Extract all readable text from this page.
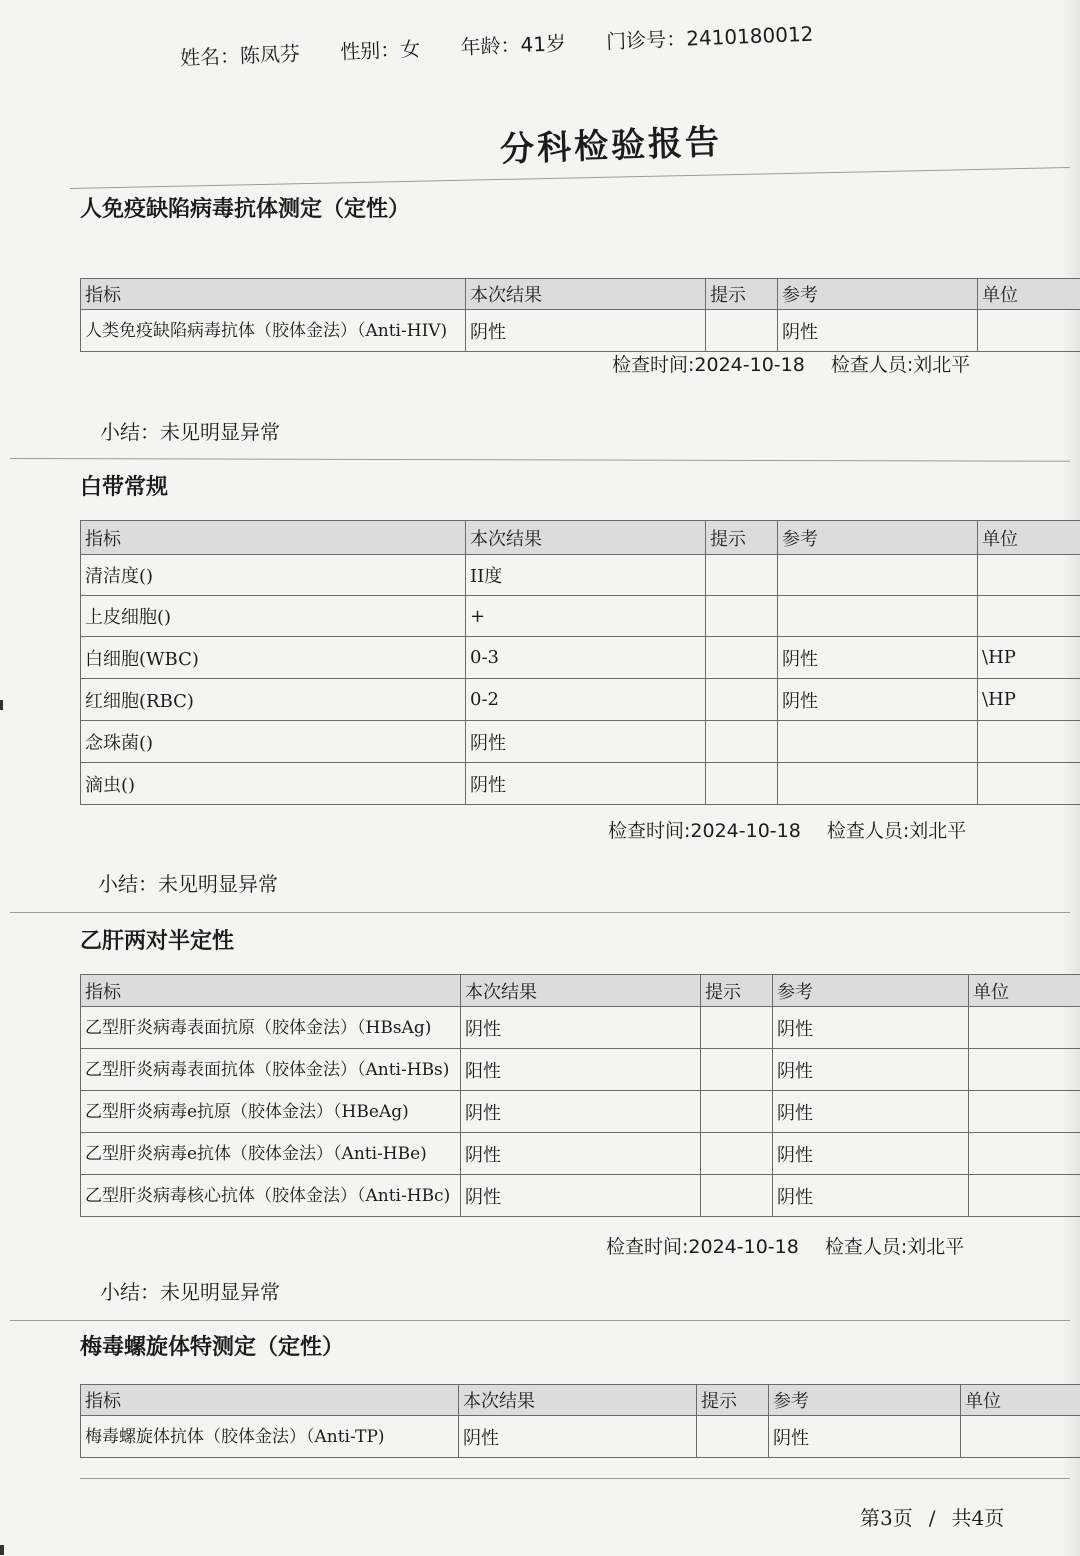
姓名：陈凤芬 性别：女 年龄：41岁 门诊号：2410180012
分科检验报告
人免疫缺陷病毒抗体测定（定性）
指标	本次结果	提示	参考	单位
人类免疫缺陷病毒抗体（胶体金法）（Anti-HIV)	阴性		阴性	
检查时间:2024-10-18 检查人员:刘北平
小结：未见明显异常
白带常规
指标	本次结果	提示	参考	单位
清洁度()	II度			
上皮细胞()	+			
白细胞(WBC)	0-3		阴性	\HP
红细胞(RBC)	0-2		阴性	\HP
念珠菌()	阴性			
滴虫()	阴性			
检查时间:2024-10-18 检查人员:刘北平
小结：未见明显异常
乙肝两对半定性
指标	本次结果	提示	参考	单位
乙型肝炎病毒表面抗原（胶体金法）（HBsAg)	阴性		阴性	
乙型肝炎病毒表面抗体（胶体金法）（Anti-HBs)	阳性		阴性	
乙型肝炎病毒e抗原（胶体金法）（HBeAg)	阴性		阴性	
乙型肝炎病毒e抗体（胶体金法）（Anti-HBe)	阴性		阴性	
乙型肝炎病毒核心抗体（胶体金法）（Anti-HBc)	阴性		阴性	
检查时间:2024-10-18 检查人员:刘北平
小结：未见明显异常
梅毒螺旋体特测定（定性）
指标	本次结果	提示	参考	单位
梅毒螺旋体抗体（胶体金法）（Anti-TP)	阴性		阴性	
第3页 / 共4页
